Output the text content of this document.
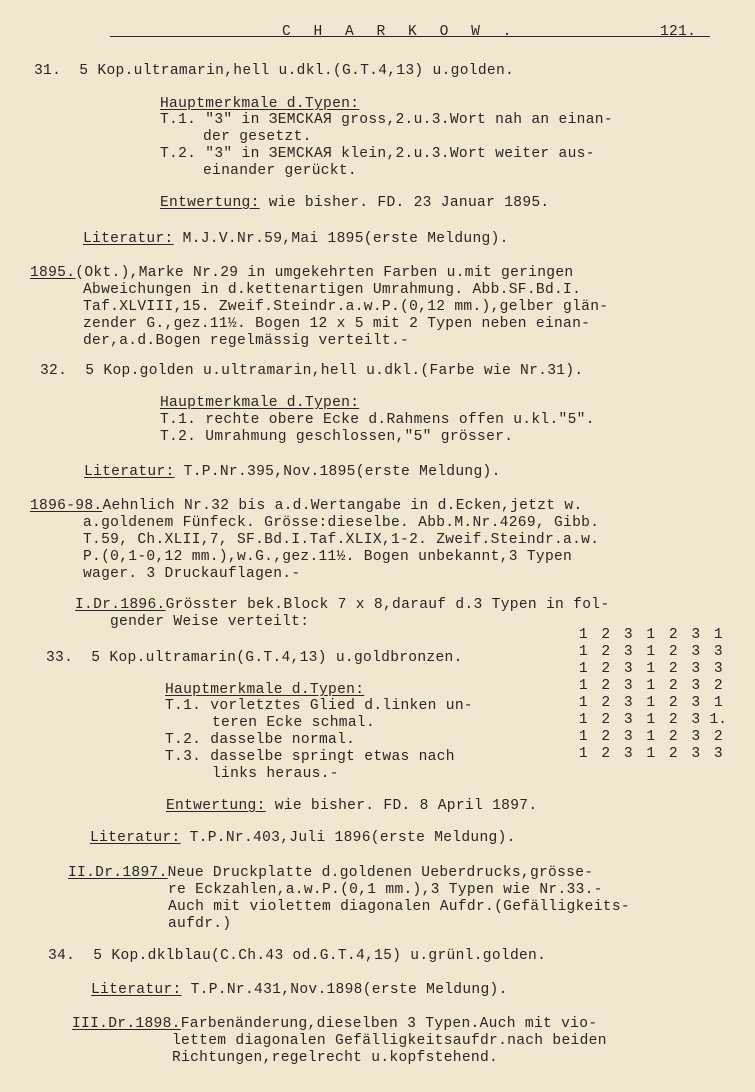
C H A R K O W .	121.
31.  5 Kop.ultramarin,hell u.dkl.(G.T.4,13) u.golden.
Hauptmerkmale d.Typen:
T.1. "3" in ЗЕМСКАЯ gross,2.u.3.Wort nah an einan-
der gesetzt.
T.2. "3" in ЗЕМСКАЯ klein,2.u.3.Wort weiter aus-
einander gerückt.
Entwertung: wie bisher. FD. 23 Januar 1895.
Literatur: M.J.V.Nr.59,Mai 1895(erste Meldung).
1895.(Okt.),Marke Nr.29 in umgekehrten Farben u.mit geringen
Abweichungen in d.kettenartigen Umrahmung. Abb.SF.Bd.I.
Taf.XLVIII,15. Zweif.Steindr.a.w.P.(0,12 mm.),gelber glän-
zender G.,gez.11½. Bogen 12 x 5 mit 2 Typen neben einan-
der,a.d.Bogen regelmässig verteilt.-
32.  5 Kop.golden u.ultramarin,hell u.dkl.(Farbe wie Nr.31).
Hauptmerkmale d.Typen:
T.1. rechte obere Ecke d.Rahmens offen u.kl."5".
T.2. Umrahmung geschlossen,"5" grösser.
Literatur: T.P.Nr.395,Nov.1895(erste Meldung).
1896-98.Aehnlich Nr.32 bis a.d.Wertangabe in d.Ecken,jetzt w.
a.goldenem Fünfeck. Grösse:dieselbe. Abb.M.Nr.4269, Gibb.
T.59, Ch.XLII,7, SF.Bd.I.Taf.XLIX,1-2. Zweif.Steindr.a.w.
P.(0,1-0,12 mm.),w.G.,gez.11½. Bogen unbekannt,3 Typen
wager. 3 Druckauflagen.-
I.Dr.1896.Grösster bek.Block 7 x 8,darauf d.3 Typen in fol-
gender Weise verteilt:
33.  5 Kop.ultramarin(G.T.4,13) u.goldbronzen.
Hauptmerkmale d.Typen:
T.1. vorletztes Glied d.linken un-
teren Ecke schmal.
T.2. dasselbe normal.
T.3. dasselbe springt etwas nach
links heraus.-
Entwertung: wie bisher. FD. 8 April 1897.
Literatur: T.P.Nr.403,Juli 1896(erste Meldung).
II.Dr.1897.Neue Druckplatte d.goldenen Ueberdrucks,grösse-
re Eckzahlen,a.w.P.(0,1 mm.),3 Typen wie Nr.33.-
Auch mit violettem diagonalen Aufdr.(Gefälligkeits-
aufdr.)
34.  5 Kop.dklblau(C.Ch.43 od.G.T.4,15) u.grünl.golden.
Literatur: T.P.Nr.431,Nov.1898(erste Meldung).
III.Dr.1898.Farbenänderung,dieselben 3 Typen.Auch mit vio-
lettem diagonalen Gefälligkeitsaufdr.nach beiden
Richtungen,regelrecht u.kopfstehend.
1 2 3 1 2 3 1
1 2 3 1 2 3 3
1 2 3 1 2 3 3
1 2 3 1 2 3 2
1 2 3 1 2 3 1
1 2 3 1 2 3 1.
1 2 3 1 2 3 2
1 2 3 1 2 3 3
